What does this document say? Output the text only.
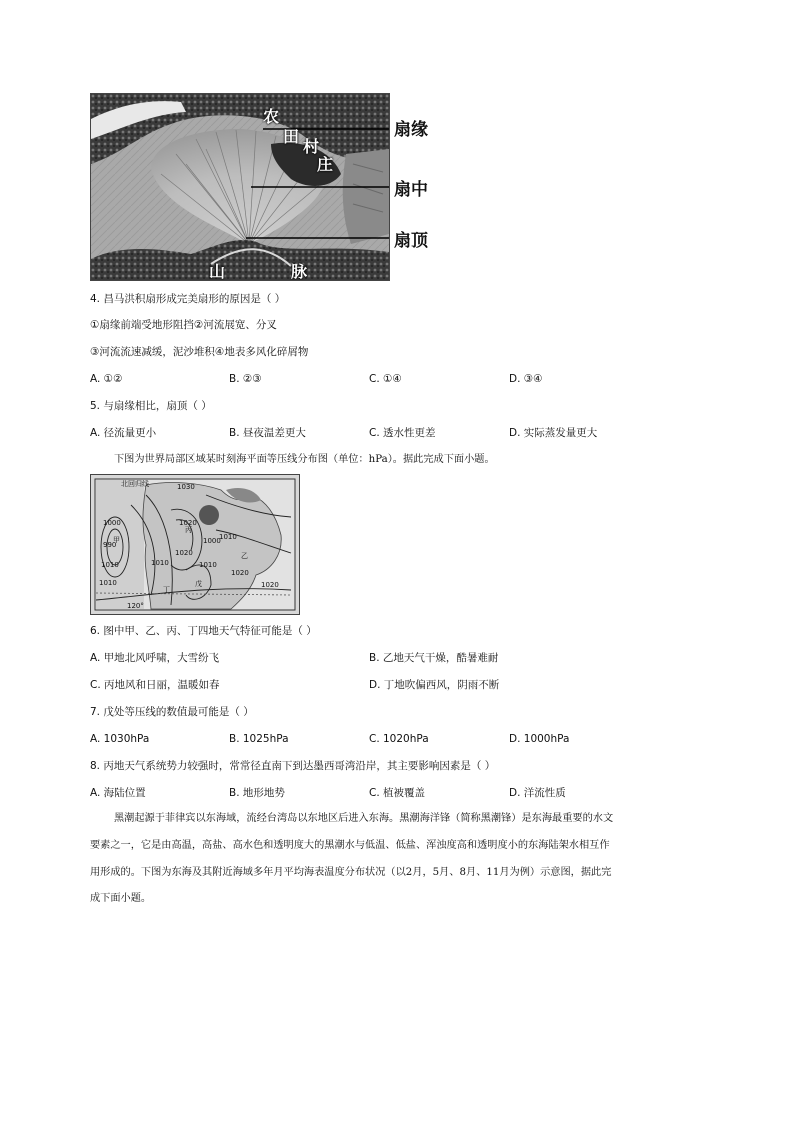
农
田
村
庄
山	脉
扇缘
扇中
扇顶
4. 昌马洪积扇形成完美扇形的原因是（ ）
①扇缘前端受地形阻挡②河流展宽、分叉
③河流流速减缓，泥沙堆积④地表多风化碎屑物
A. ①②	B. ②③	C. ①④	D. ③④
5. 与扇缘相比，扇顶（ ）
A. 径流量更小	B. 昼夜温差更大	C. 透水性更差	D. 实际蒸发量更大
下图为世界局部区域某时刻海平面等压线分布图（单位：hPa）。据此完成下面小题。
北回归线	1030
1020
1010
1000
1020
1010	1010
1000
990
1010
1020
1020
120°
1010
甲
乙
丙
丁
戊
6. 图中甲、乙、丙、丁四地天气特征可能是（ ）
A. 甲地北风呼啸，大雪纷飞	B. 乙地天气干燥，酷暑难耐
C. 丙地风和日丽，温暖如春	D. 丁地吹偏西风，阴雨不断
7. 戊处等压线的数值最可能是（ ）
A. 1030hPa	B. 1025hPa	C. 1020hPa	D. 1000hPa
8. 丙地天气系统势力较强时，常常径直南下到达墨西哥湾沿岸，其主要影响因素是（ ）
A. 海陆位置	B. 地形地势	C. 植被覆盖	D. 洋流性质
黑潮起源于菲律宾以东海域，流经台湾岛以东地区后进入东海。黑潮海洋锋（简称黑潮锋）是东海最重要的水文
要素之一，它是由高温，高盐、高水色和透明度大的黑潮水与低温、低盐、浑浊度高和透明度小的东海陆架水相互作
用形成的。下图为东海及其附近海域多年月平均海表温度分布状况（以2月，5月、8月、11月为例）示意图，据此完
成下面小题。
